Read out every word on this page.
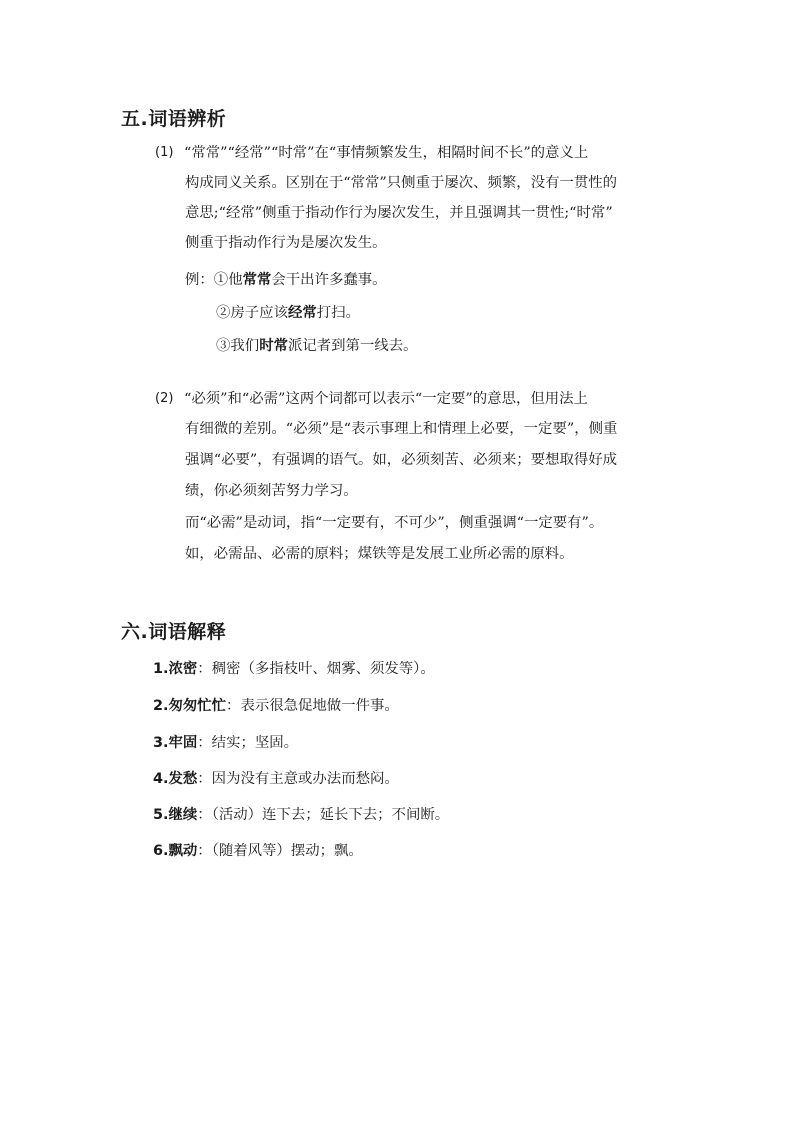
五.词语辨析
(1) “常常”“经常”“时常”在“事情频繁发生，相隔时间不长”的意义上
构成同义关系。区别在于“常常”只侧重于屡次、频繁，没有一贯性的
意思;“经常”侧重于指动作行为屡次发生，并且强调其一贯性;“时常”
侧重于指动作行为是屡次发生。
例：①他常常会干出许多蠢事。
②房子应该经常打扫。
③我们时常派记者到第一线去。
(2) “必须”和“必需”这两个词都可以表示“一定要”的意思，但用法上
有细微的差别。“必须”是“表示事理上和情理上必要，一定要”，侧重
强调“必要”，有强调的语气。如，必须刻苦、必须来；要想取得好成
绩，你必须刻苦努力学习。
而“必需”是动词，指“一定要有，不可少”，侧重强调“一定要有”。
如，必需品、必需的原料；煤铁等是发展工业所必需的原料。
六.词语解释
1.浓密：稠密（多指枝叶、烟雾、须发等）。
2.匆匆忙忙：表示很急促地做一件事。
3.牢固：结实；坚固。
4.发愁：因为没有主意或办法而愁闷。
5.继续：（活动）连下去；延长下去；不间断。
6.飘动：（随着风等）摆动；飘。
